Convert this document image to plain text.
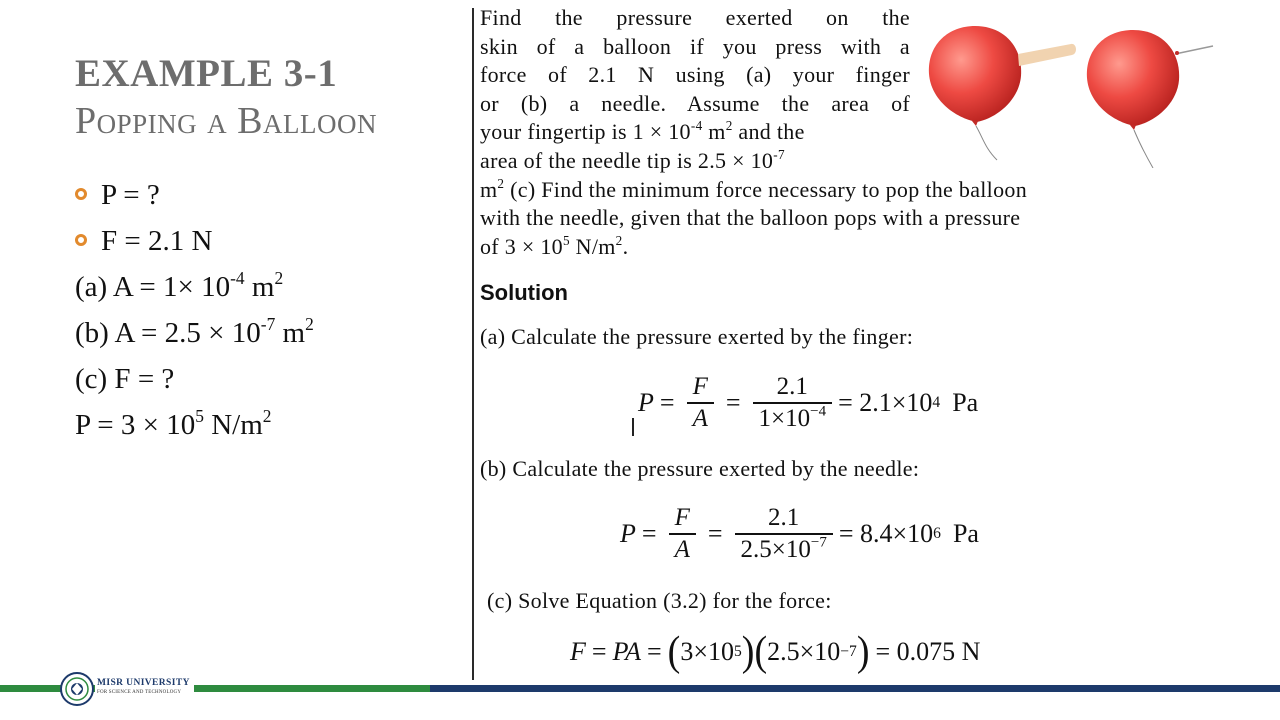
EXAMPLE 3-1
Popping a Balloon
P = ?
F = 2.1 N
(a) $A = 1\times 10^{-4}$ $m^2$
(b) $A = 2.5 \times 10^{-7}$ $m^2$
(c) F = ?
$P = 3 \times 10^5$ $N/m^2$
Find the pressure exerted on the
skin of a balloon if you press with a
force of 2.1 N using (a) your finger
or (b) a needle. Assume the area of
your fingertip is $1 \times 10^{-4}$ $m^2$ and the
area of the needle tip is $2.5 \times 10^{-7}$
$m^2$ (c) Find the minimum force necessary to pop the balloon
with the needle, given that the balloon pops with a pressure
of $3 \times 10^5$ $N/m^2$.
Solution
(a) Calculate the pressure exerted by the finger:
$P = \frac{F}{A} = \frac{2.1}{1\times 10^{-4}} = 2.1\times 10$ 4 Pa
(b) Calculate the pressure exerted by the needle:
$P = \frac{F}{A} = \frac{2.1}{2.5\times 10^{-7}} = 8.4\times 10$ 6 Pa
(c) Solve Equation (3.2) for the force:
F = PA = ( 3×10 5 ) ( 2.5×10 −7 ) = 0.075 N
MISR UNIVERSITY
FOR SCIENCE AND TECHNOLOGY
